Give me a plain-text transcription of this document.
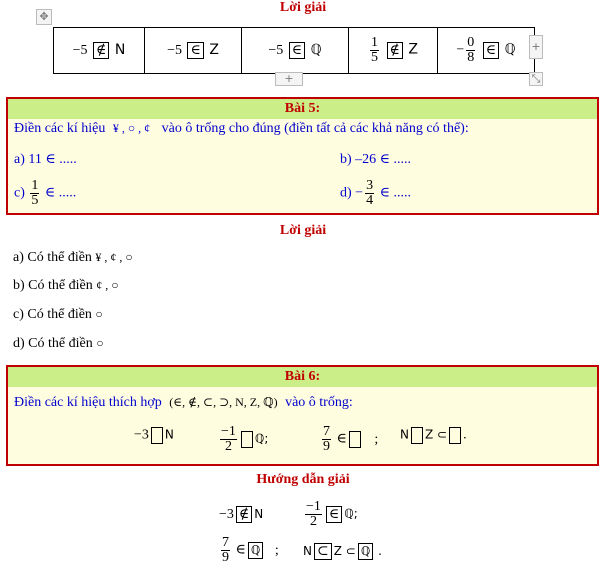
Lời giải
✥
−5 ∉ N	−5 ∈ Z	−5 ∈ ℚ	$\frac{1}{5}$ ∉ Z	− $\frac{0}{8}$ ∈ ℚ +
+	⤡
Bài 5:
Điền các kí hiệu ¥ , ○ , ¢ vào ô trống cho đúng (điền tất cả các khả năng có thể):
a) 11 ∈ .....	b) –26 ∈ .....
$c) \frac{1}{5}$ ∈ .....	$d) - \frac{3}{4}$ ∈ .....
Lời giải
a) Có thể điền ¥ , ¢ , ○
b) Có thể điền ¢ , ○
c) Có thể điền ○
d) Có thể điền ○
Bài 6:
Điền các kí hiệu thích hợp (∈, ∉, ⊂, ⊃, N, Z, ℚ) vào ô trống:
−3 N	$\frac{-1}{2}$ ℚ;	$\frac{7}{9}$ ∈ ; N Z ⊂ .
Hướng dẫn giải
−3 ∉ N	$\frac{-1}{2}$ ∈ ℚ;
$\frac{7}{9}$ ∈ ℚ ; N ⊂ Z ⊂ ℚ .
